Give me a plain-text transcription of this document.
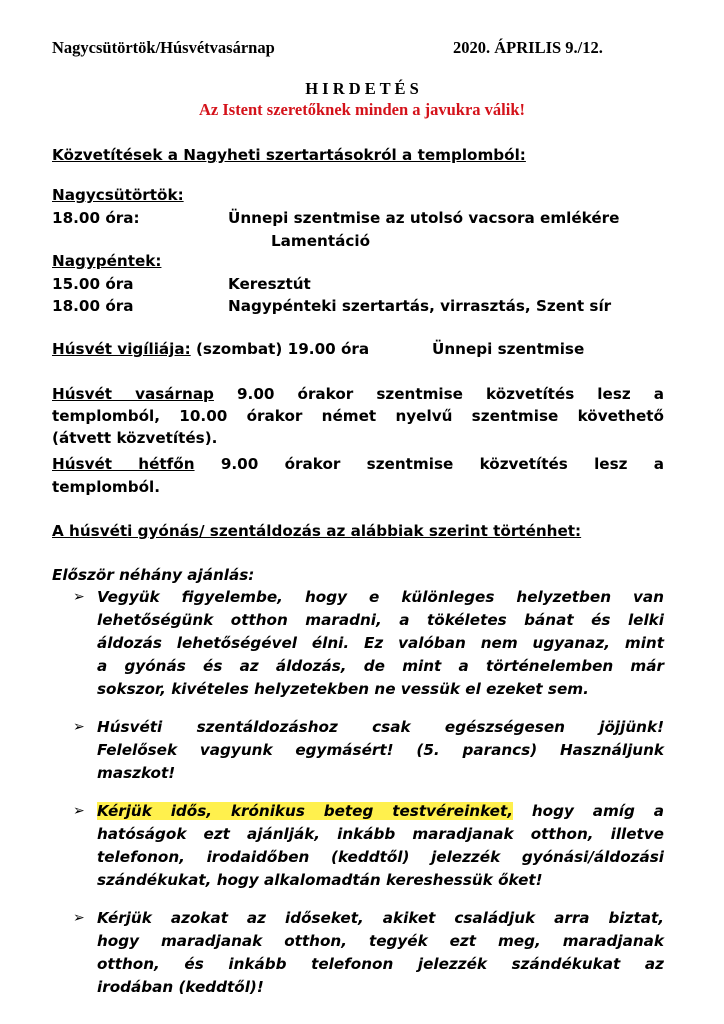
Nagycsütörtök/Húsvétvasárnap	2020. ÁPRILIS 9./12.
H I R D E T É S
Az Istent szeretőknek minden a javukra válik!
Közvetítések a Nagyheti szertartásokról a templomból:
Nagycsütörtök:
18.00 óra:	Ünnepi szentmise az utolsó vacsora emlékére
Lamentáció
Nagypéntek:
15.00 óra	Keresztút
18.00 óra	Nagypénteki szertartás, virrasztás, Szent sír
Húsvét vigíliája: (szombat) 19.00 óra	Ünnepi szentmise
Húsvét vasárnap 9.00 órakor szentmise közvetítés lesz a
templomból, 10.00 órakor német nyelvű szentmise követhető
(átvett közvetítés).
Húsvét hétfőn 9.00 órakor szentmise közvetítés lesz a
templomból.
A húsvéti gyónás/ szentáldozás az alábbiak szerint történhet:
Először néhány ajánlás:
➢ Vegyük figyelembe, hogy e különleges helyzetben van
lehetőségünk otthon maradni, a tökéletes bánat és lelki
áldozás lehetőségével élni. Ez valóban nem ugyanaz, mint
a gyónás és az áldozás, de mint a történelemben már
sokszor, kivételes helyzetekben ne vessük el ezeket sem.
➢ Húsvéti szentáldozáshoz csak egészségesen jöjjünk!
Felelősek vagyunk egymásért! (5. parancs) Használjunk
maszkot!
➢ Kérjük idős, krónikus beteg testvéreinket, hogy amíg a
hatóságok ezt ajánlják, inkább maradjanak otthon, illetve
telefonon, irodaidőben (keddtől) jelezzék gyónási/áldozási
szándékukat, hogy alkalomadtán kereshessük őket!
➢ Kérjük azokat az időseket, akiket családjuk arra biztat,
hogy maradjanak otthon, tegyék ezt meg, maradjanak
otthon, és inkább telefonon jelezzék szándékukat az
irodában (keddtől)!
